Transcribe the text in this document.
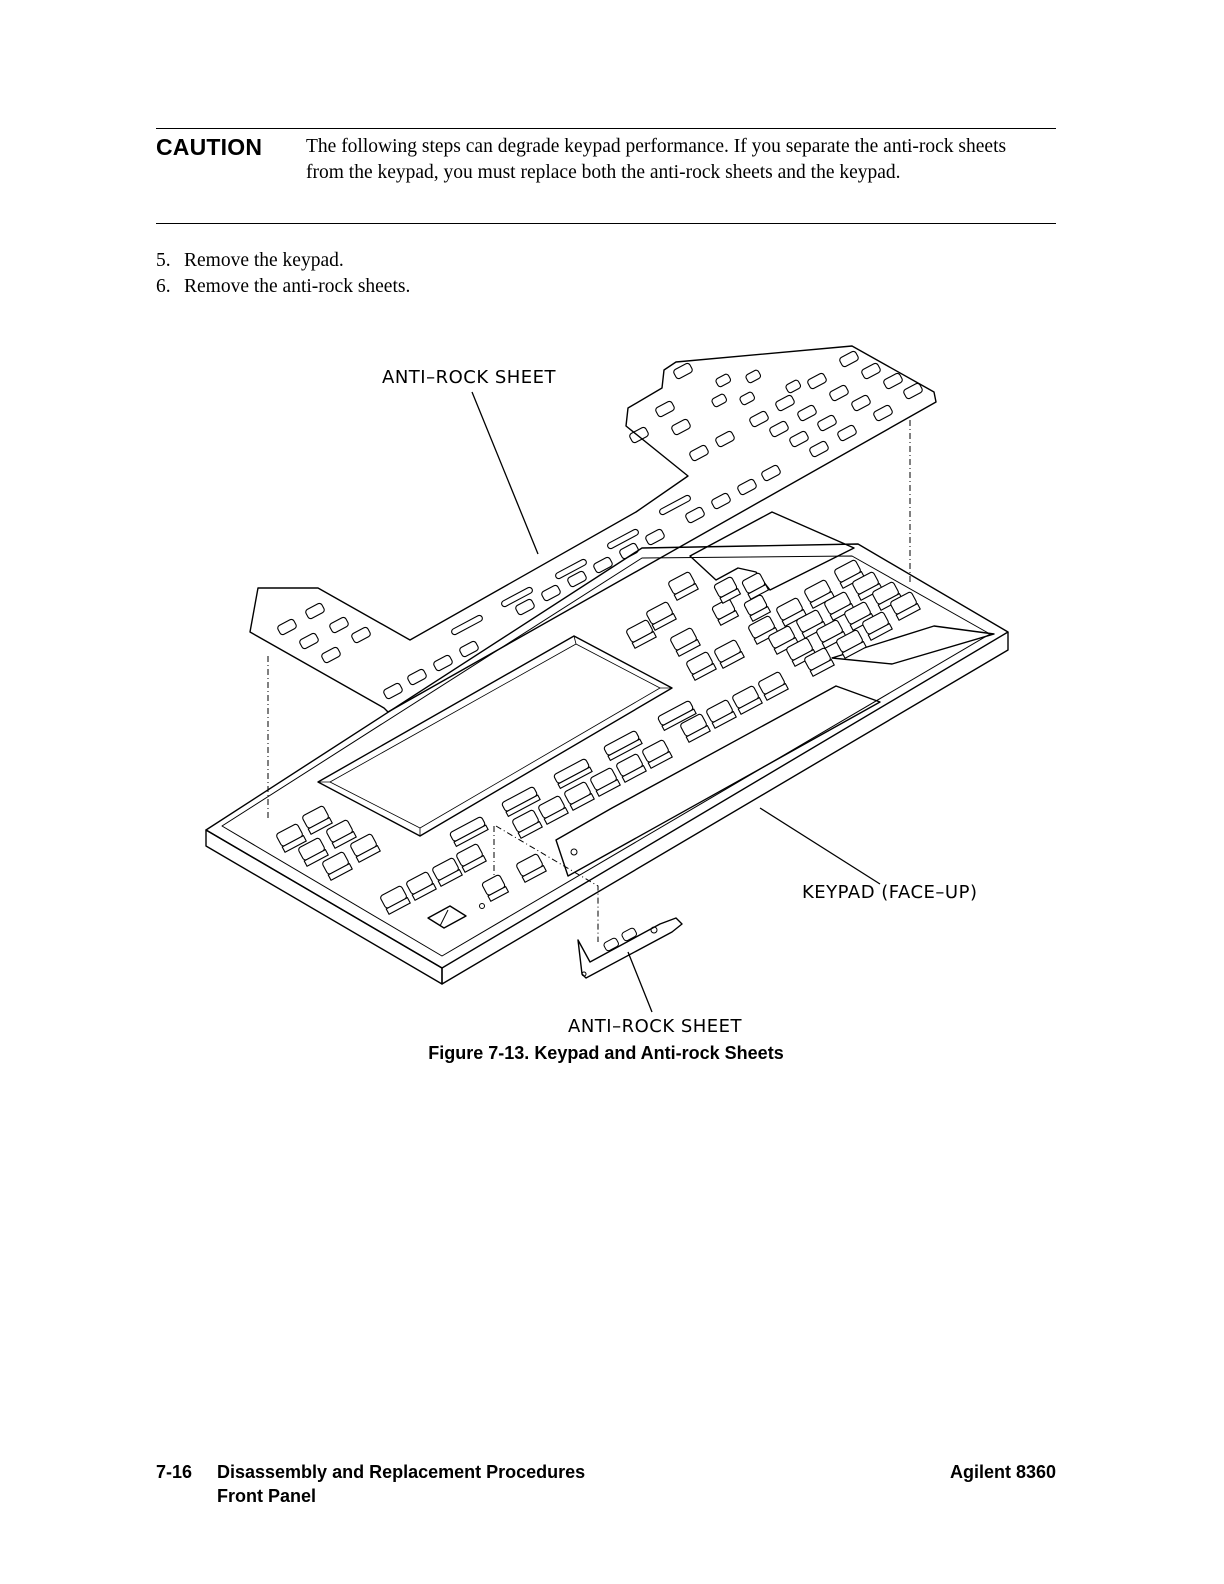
CAUTION The following steps can degrade keypad performance. If you separate the anti-rock sheets from the keypad, you must replace both the anti-rock sheets and the keypad.
5. Remove the keypad.
6. Remove the anti-rock sheets.
ANTI–ROCK SHEET
KEYPAD (FACE–UP)
ANTI–ROCK SHEET
Figure 7-13. Keypad and Anti-rock Sheets
7-16 Disassembly and Replacement Procedures
Front Panel
Agilent 8360
